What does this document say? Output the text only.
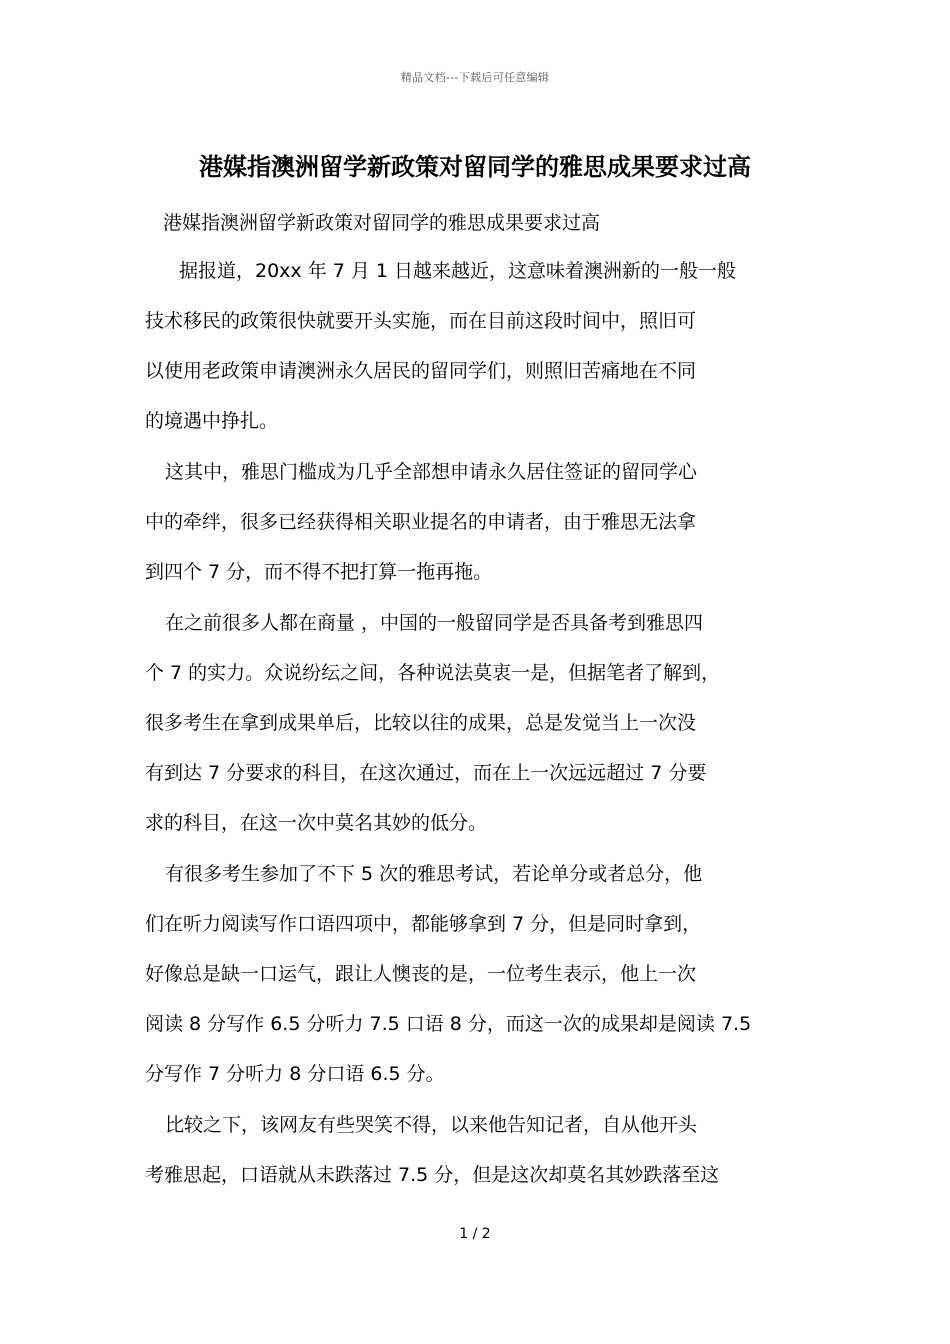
精品文档---下载后可任意编辑
港媒指澳洲留学新政策对留同学的雅思成果要求过高
港媒指澳洲留学新政策对留同学的雅思成果要求过高
据报道，20xx 年 7 月 1 日越来越近，这意味着澳洲新的一般一般
技术移民的政策很快就要开头实施，而在目前这段时间中，照旧可
以使用老政策申请澳洲永久居民的留同学们，则照旧苦痛地在不同
的境遇中挣扎。
这其中，雅思门槛成为几乎全部想申请永久居住签证的留同学心
中的牵绊，很多已经获得相关职业提名的申请者，由于雅思无法拿
到四个 7 分，而不得不把打算一拖再拖。
在之前很多人都在商量 ，中国的一般留同学是否具备考到雅思四
个 7 的实力。众说纷纭之间，各种说法莫衷一是，但据笔者了解到，
很多考生在拿到成果单后，比较以往的成果，总是发觉当上一次没
有到达 7 分要求的科目，在这次通过，而在上一次远远超过 7 分要
求的科目，在这一次中莫名其妙的低分。
有很多考生参加了不下 5 次的雅思考试，若论单分或者总分，他
们在听力阅读写作口语四项中，都能够拿到 7 分，但是同时拿到，
好像总是缺一口运气，跟让人懊丧的是，一位考生表示，他上一次
阅读 8 分写作 6.5 分听力 7.5 口语 8 分，而这一次的成果却是阅读 7.5
分写作 7 分听力 8 分口语 6.5 分。
比较之下，该网友有些哭笑不得，以来他告知记者，自从他开头
考雅思起，口语就从未跌落过 7.5 分，但是这次却莫名其妙跌落至这
1 / 2
